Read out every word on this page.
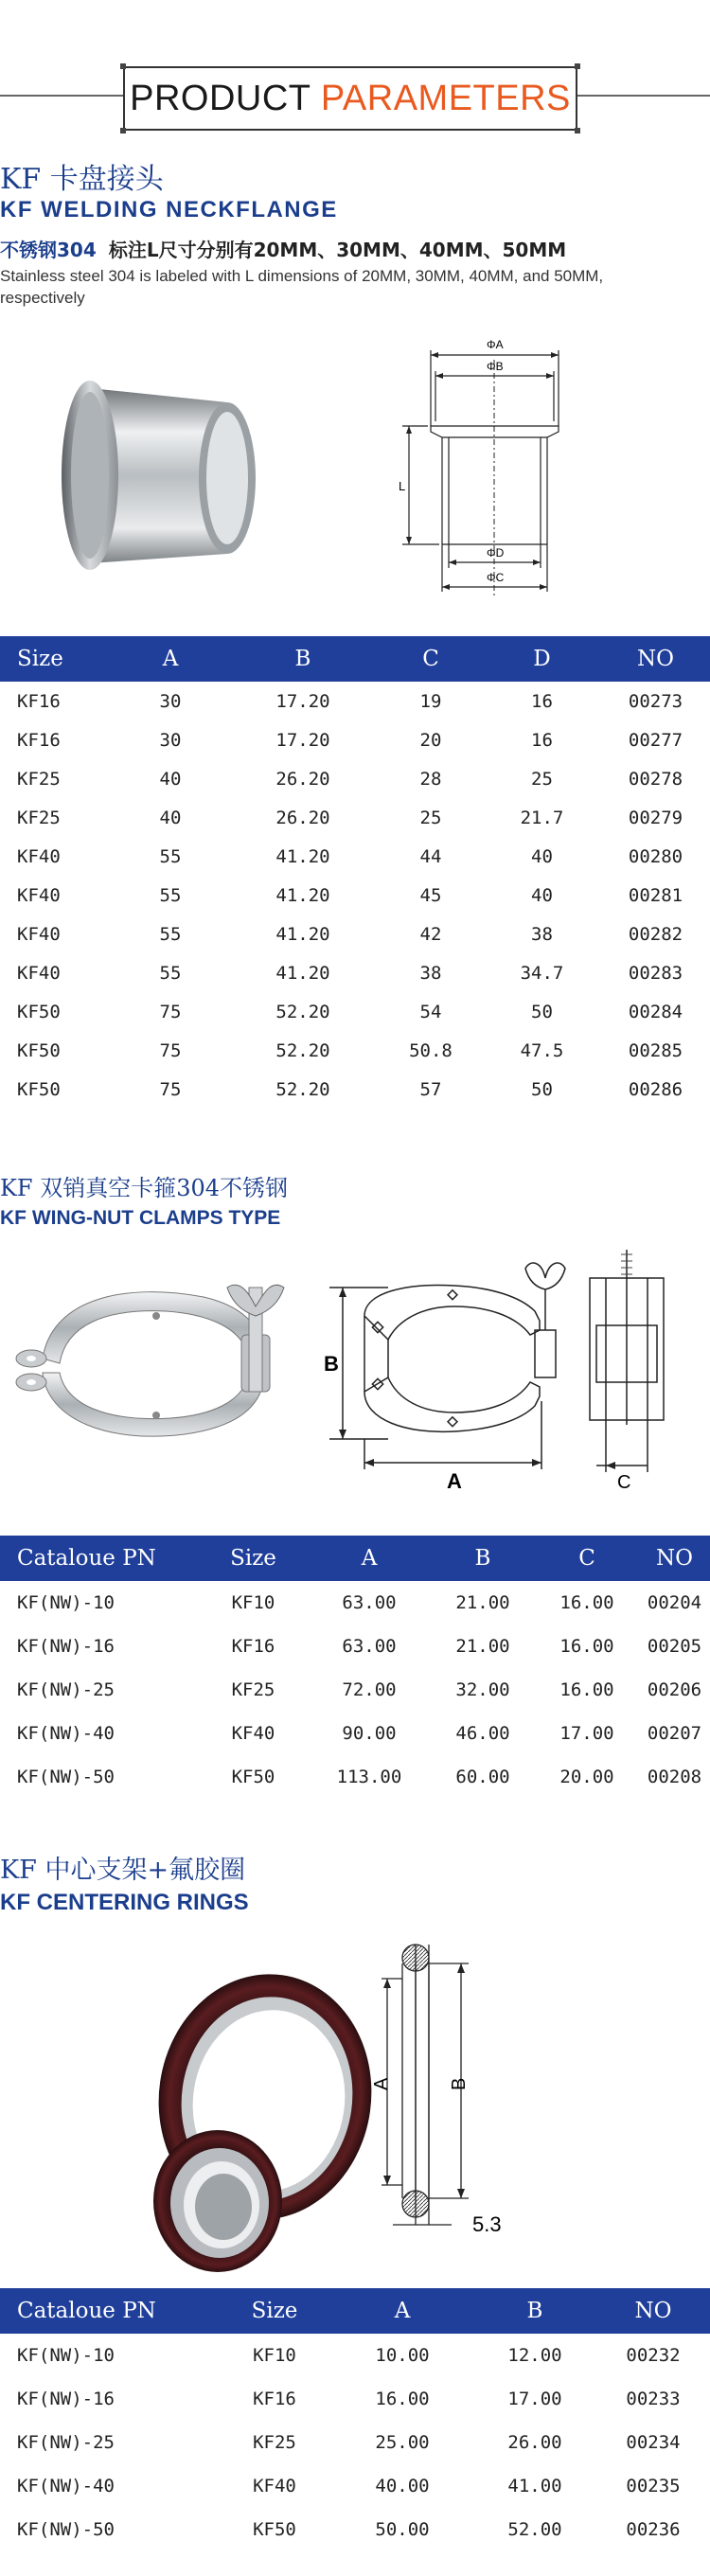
PRODUCT PARAMETERS
KF 卡盘接头
KF WELDING NECKFLANGE
不锈钢304 标注L尺寸分别有20MM、30MM、40MM、50MM
Stainless steel 304 is labeled with L dimensions of 20MM, 30MM, 40MM, and 50MM, respectively
ΦA
ΦB
L
ΦD
ΦC
Size	A	B	C	D	NO
KF16	30	17.20	19	16	00273
KF16	30	17.20	20	16	00277
KF25	40	26.20	28	25	00278
KF25	40	26.20	25	21.7	00279
KF40	55	41.20	44	40	00280
KF40	55	41.20	45	40	00281
KF40	55	41.20	42	38	00282
KF40	55	41.20	38	34.7	00283
KF50	75	52.20	54	50	00284
KF50	75	52.20	50.8	47.5	00285
KF50	75	52.20	57	50	00286
KF 双销真空卡箍304不锈钢
KF WING-NUT CLAMPS TYPE
B
A	C
Cataloue PN	Size	A	B	C	NO
KF(NW)-10	KF10	63.00	21.00	16.00	00204
KF(NW)-16	KF16	63.00	21.00	16.00	00205
KF(NW)-25	KF25	72.00	32.00	16.00	00206
KF(NW)-40	KF40	90.00	46.00	17.00	00207
KF(NW)-50	KF50	113.00	60.00	20.00	00208
KF 中心支架+氟胶圈
KF CENTERING RINGS
A	B
5.3
Cataloue PN	Size	A	B	NO
KF(NW)-10	KF10	10.00	12.00	00232
KF(NW)-16	KF16	16.00	17.00	00233
KF(NW)-25	KF25	25.00	26.00	00234
KF(NW)-40	KF40	40.00	41.00	00235
KF(NW)-50	KF50	50.00	52.00	00236
